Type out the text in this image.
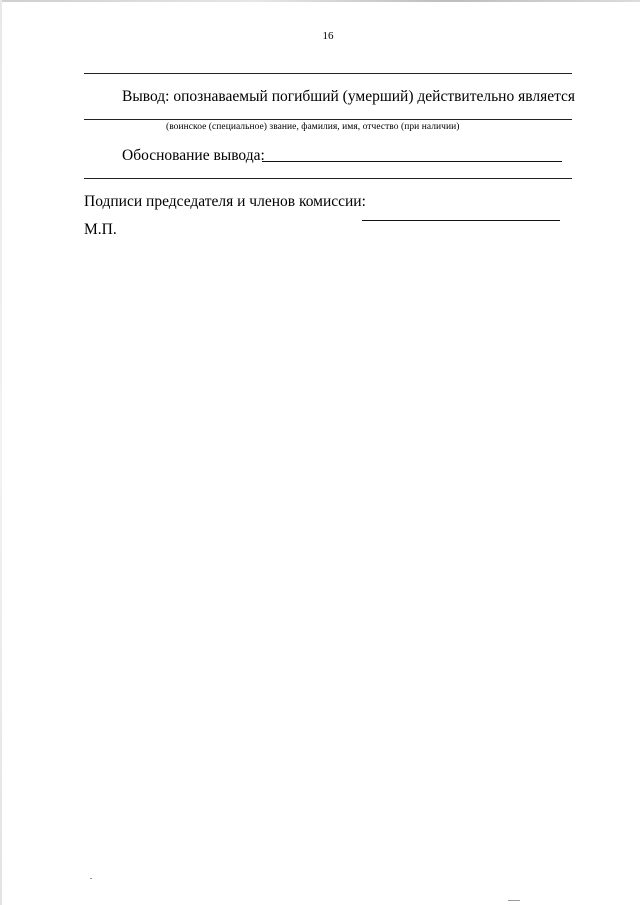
16
Вывод: опознаваемый погибший (умерший) действительно является
(воинское (специальное) звание, фамилия, имя, отчество (при наличии)
Обоснование вывода:
Подписи председателя и членов комиссии:
М.П.
